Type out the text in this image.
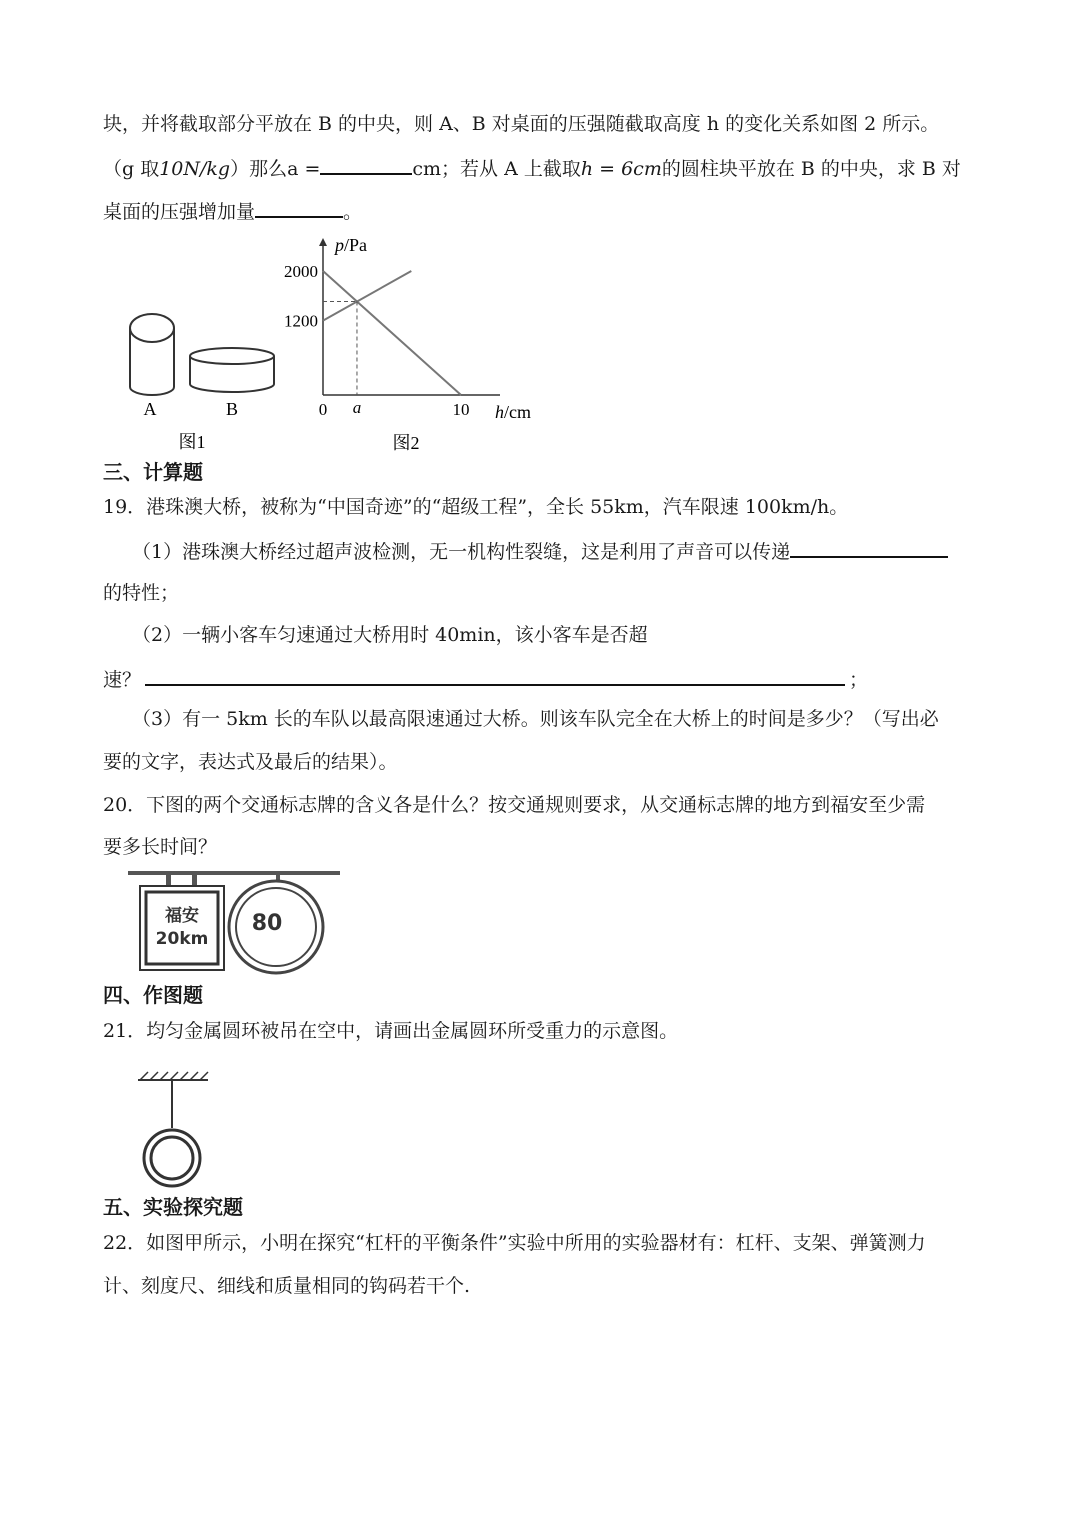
块，并将截取部分平放在 B 的中央，则 A、B 对桌面的压强随截取高度 h 的变化关系如图 2 所示。
（g 取10N/kg）那么a =	cm；若从 A 上截取h = 6cm的圆柱块平放在 B 的中央，求 B 对
桌面的压强增加量	。
A	B
图1
p/Pa
h/cm
2000
1200
0 a	10
图2
三、计算题
19．港珠澳大桥，被称为“中国奇迹”的“超级工程”，全长 55km，汽车限速 100km/h。
（1）港珠澳大桥经过超声波检测，无一机构性裂缝，这是利用了声音可以传递
的特性；
（2）一辆小客车匀速通过大桥用时 40min，该小客车是否超
速？	；
（3）有一 5km 长的车队以最高限速通过大桥。则该车队完全在大桥上的时间是多少？（写出必
要的文字，表达式及最后的结果）。
20．下图的两个交通标志牌的含义各是什么？按交通规则要求，从交通标志牌的地方到福安至少需
要多长时间？
福安
20km
80
四、作图题
21．均匀金属圆环被吊在空中，请画出金属圆环所受重力的示意图。
五、实验探究题
22．如图甲所示，小明在探究“杠杆的平衡条件”实验中所用的实验器材有：杠杆、支架、弹簧测力
计、刻度尺、细线和质量相同的钩码若干个.
